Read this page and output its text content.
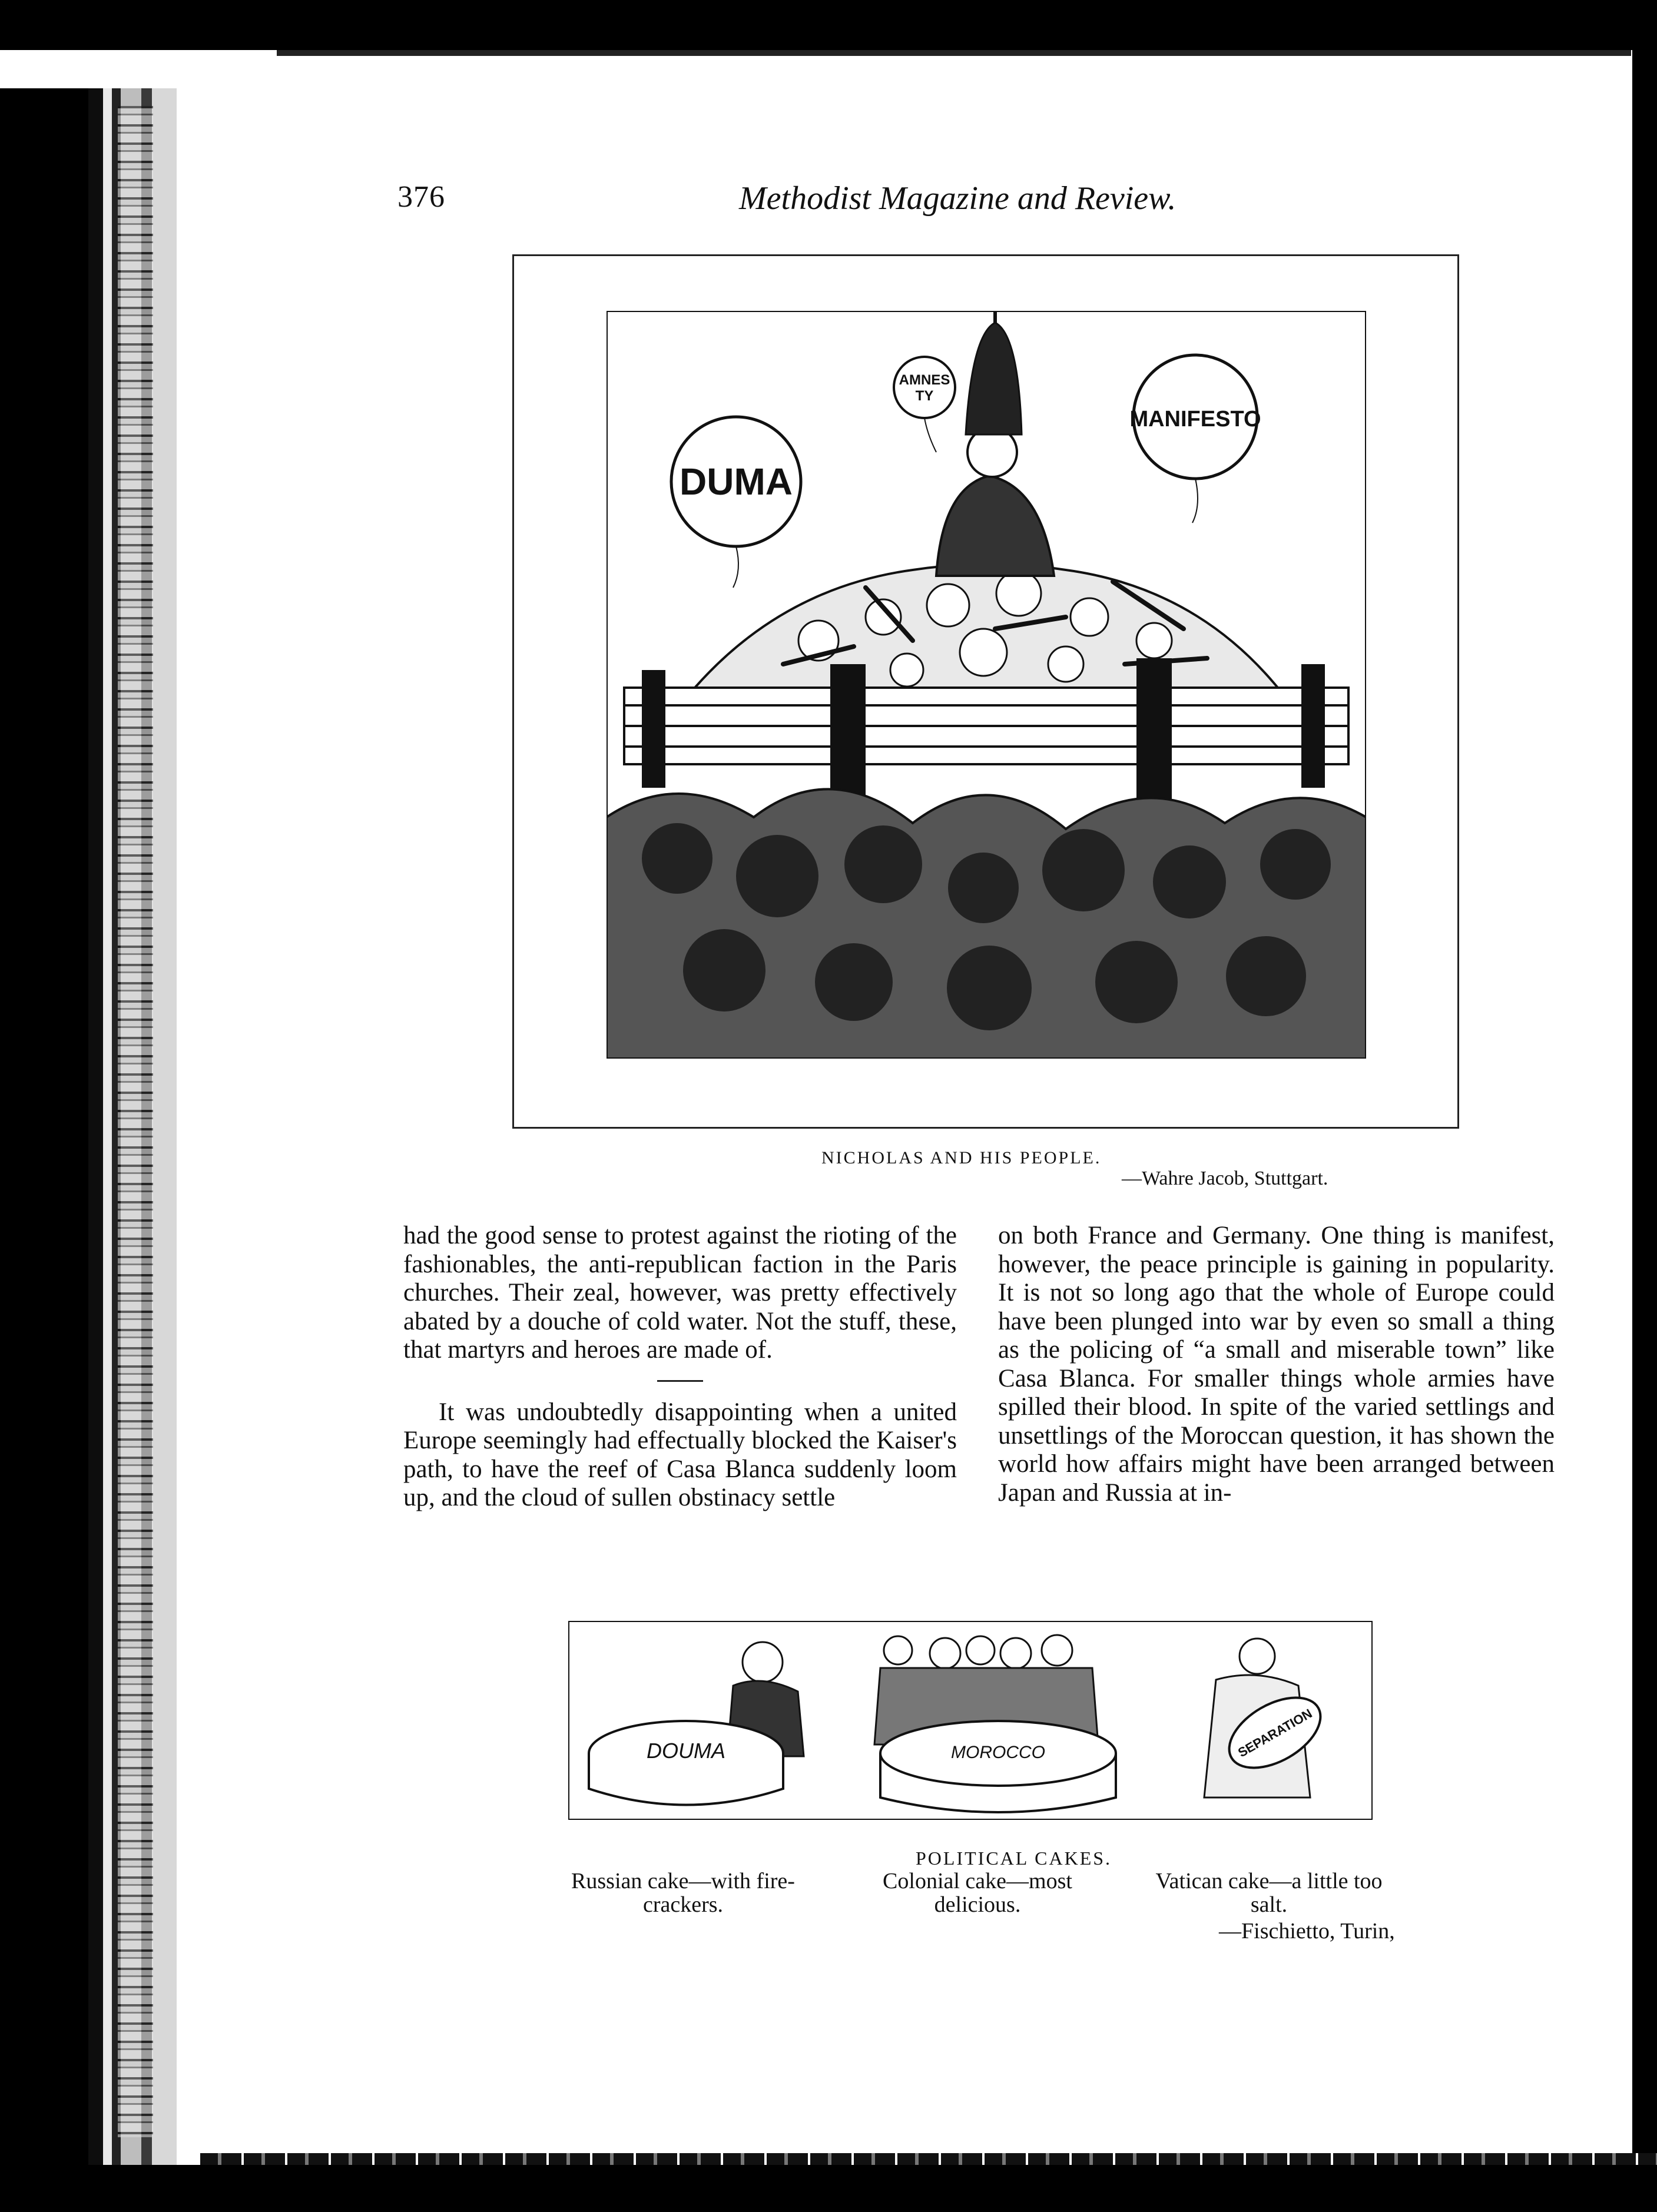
376	Methodist Magazine and Review.
DUMA
AMNES
TY
MANIFESTO
NICHOLAS AND HIS PEOPLE.
—Wahre Jacob, Stuttgart.

had the good sense to protest against the rioting of the fashionables, the anti-republican faction in the Paris churches. Their zeal, however, was pretty effectively abated by a douche of cold water. Not the stuff, these, that martyrs and heroes are made of.

It was undoubtedly disappointing when a united Europe seemingly had effectually blocked the Kaiser's path, to have the reef of Casa Blanca suddenly loom up, and the cloud of sullen obstinacy settle

on both France and Germany. One thing is manifest, however, the peace principle is gaining in popularity. It is not so long ago that the whole of Europe could have been plunged into war by even so small a thing as the policing of “a small and miserable town” like Casa Blanca. For smaller things whole armies have spilled their blood. In spite of the varied settlings and unsettlings of the Moroccan question, it has shown the world how affairs might have been arranged between Japan and Russia at in-

DOUMA	MOROCCO	SEPARATION
POLITICAL CAKES.
Russian cake—with fire-crackers.
Colonial cake—most delicious.
Vatican cake—a little too salt.
—Fischietto, Turin,
